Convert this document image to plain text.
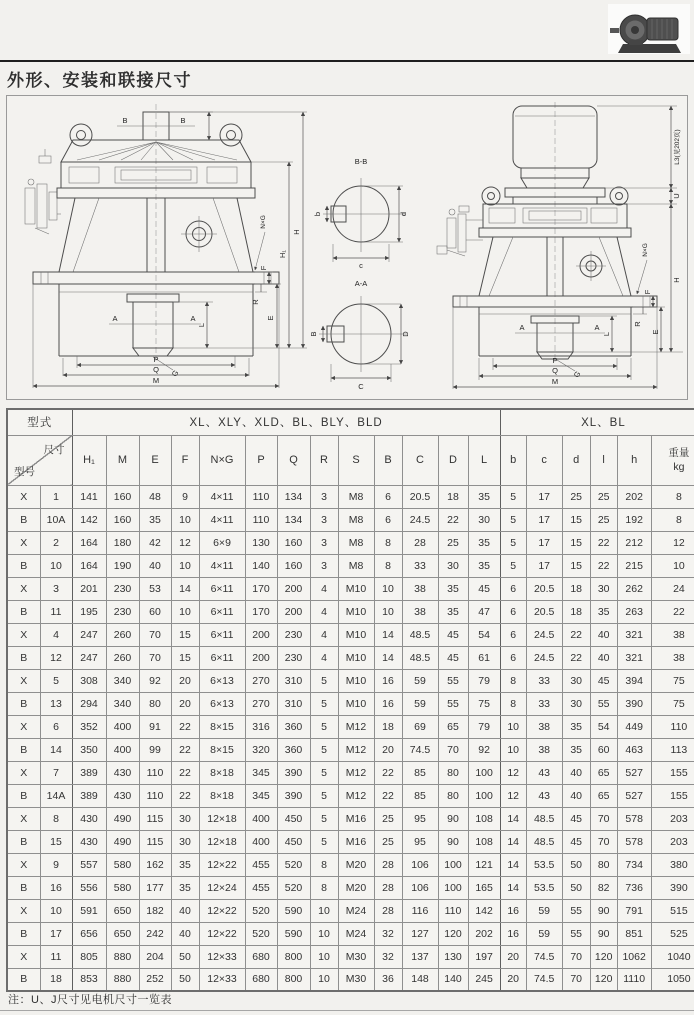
外形、安装和联接尺寸
B	B
G
A	A
L
P
Q
M
R
F
E
N×G
H₁
H
B-B
b	d
c
A-A
B	D
C
G
A	A
L
P
Q
M
L3(见202页)
U
H
N×G
F
R
E
型式		XL、XLY、XLD、BL、BLY、BLD													XL、BL					

尺寸
型号
	H₁	M	E	F	N×G	P	Q	R	S	B	C	D	L	b	c	d	l	h	
重量
kg

X	1	141	160	48	9	4×11	110	134	3	M8	6	20.5	18	35	5	17	25	25	202	8
B	10A	142	160	35	10	4×11	110	134	3	M8	6	24.5	22	30	5	17	15	25	192	8
X	2	164	180	42	12	6×9	130	160	3	M8	8	28	25	35	5	17	15	22	212	12
B	10	164	190	40	10	4×11	140	160	3	M8	8	33	30	35	5	17	15	22	215	10
X	3	201	230	53	14	6×11	170	200	4	M10	10	38	35	45	6	20.5	18	30	262	24
B	11	195	230	60	10	6×11	170	200	4	M10	10	38	35	47	6	20.5	18	35	263	22
X	4	247	260	70	15	6×11	200	230	4	M10	14	48.5	45	54	6	24.5	22	40	321	38
B	12	247	260	70	15	6×11	200	230	4	M10	14	48.5	45	61	6	24.5	22	40	321	38
X	5	308	340	92	20	6×13	270	310	5	M10	16	59	55	79	8	33	30	45	394	75
B	13	294	340	80	20	6×13	270	310	5	M10	16	59	55	75	8	33	30	55	390	75
X	6	352	400	91	22	8×15	316	360	5	M12	18	69	65	79	10	38	35	54	449	110
B	14	350	400	99	22	8×15	320	360	5	M12	20	74.5	70	92	10	38	35	60	463	113
X	7	389	430	110	22	8×18	345	390	5	M12	22	85	80	100	12	43	40	65	527	155
B	14A	389	430	110	22	8×18	345	390	5	M12	22	85	80	100	12	43	40	65	527	155
X	8	430	490	115	30	12×18	400	450	5	M16	25	95	90	108	14	48.5	45	70	578	203
B	15	430	490	115	30	12×18	400	450	5	M16	25	95	90	108	14	48.5	45	70	578	203
X	9	557	580	162	35	12×22	455	520	8	M20	28	106	100	121	14	53.5	50	80	734	380
B	16	556	580	177	35	12×24	455	520	8	M20	28	106	100	165	14	53.5	50	82	736	390
X	10	591	650	182	40	12×22	520	590	10	M24	28	116	110	142	16	59	55	90	791	515
B	17	656	650	242	40	12×22	520	590	10	M24	32	127	120	202	16	59	55	90	851	525
X	11	805	880	204	50	12×33	680	800	10	M30	32	137	130	197	20	74.5	70	120	1062	1040
B	18	853	880	252	50	12×33	680	800	10	M30	36	148	140	245	20	74.5	70	120	1110	1050
注：U、J尺寸见电机尺寸一览表
